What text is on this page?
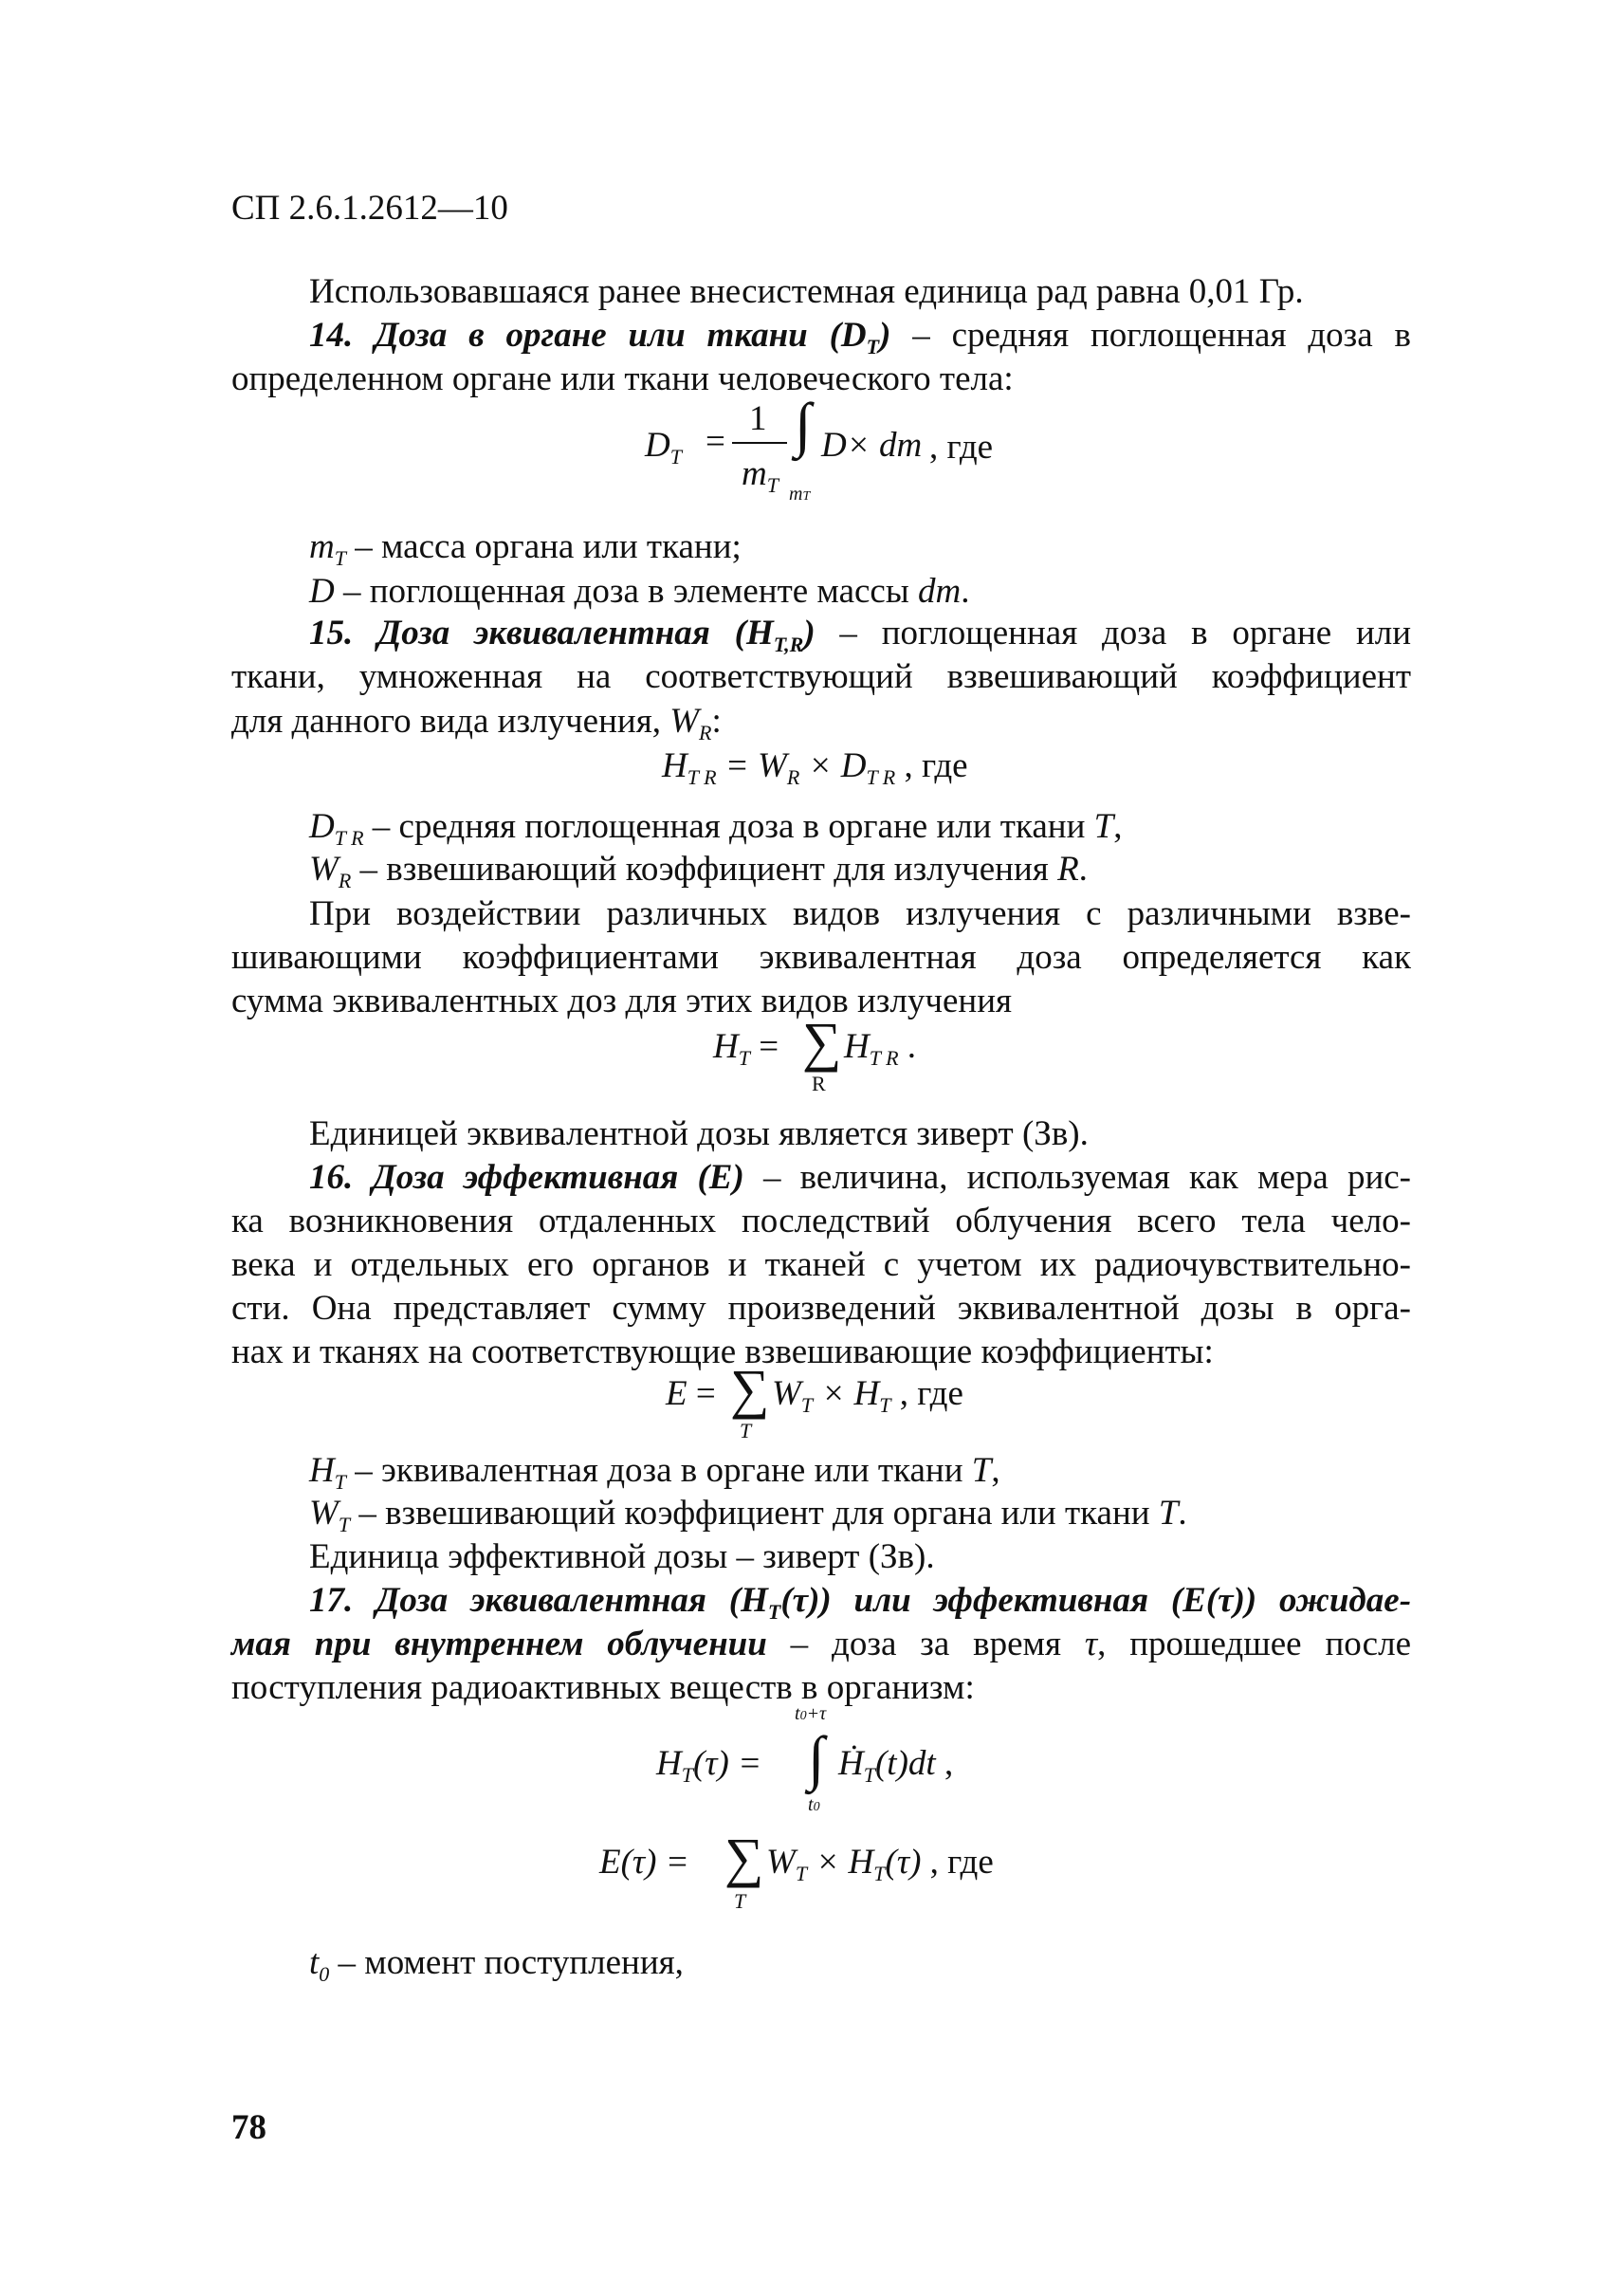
СП 2.6.1.2612—10
Использовавшаяся ранее внесистемная единица рад равна 0,01 Гр.
14. Доза в органе или ткани $(D_T)$ – средняя поглощенная доза в
определенном органе или ткани человеческого тела:
$D_T$ =
1
$m_T$
∫
mT
D× dm , где
$m_T$ – масса органа или ткани;
D – поглощенная доза в элементе массы dm.
15. Доза эквивалентная $(H_{T,R})$ – поглощенная доза в органе или
ткани, умноженная на соответствующий взвешивающий коэффициент
для данного вида излучения, $W_R$:
$H_{T R} = W_R \times D_{T R}$ , где
$D_{T R}$ – средняя поглощенная доза в органе или ткани T,
$W_R$ – взвешивающий коэффициент для излучения R.
При воздействии различных видов излучения с различными взве-
шивающими коэффициентами эквивалентная доза определяется как
сумма эквивалентных доз для этих видов излучения
$H_T$ = ∑
R
$H_{T R}$ .
Единицей эквивалентной дозы является зиверт (Зв).
16. Доза эффективная (E) – величина, используемая как мера рис-
ка возникновения отдаленных последствий облучения всего тела чело-
века и отдельных его органов и тканей с учетом их радиочувствительно-
сти. Она представляет сумму произведений эквивалентной дозы в орга-
нах и тканях на соответствующие взвешивающие коэффициенты:
E = ∑
T
$W_T \times H_T$ , где
$H_T$ – эквивалентная доза в органе или ткани T,
$W_T$ – взвешивающий коэффициент для органа или ткани T.
Единица эффективной дозы – зиверт (Зв).
17. Доза эквивалентная $(H_T(\tau))$ или эффективная (E(τ)) ожидае-
мая при внутреннем облучении – доза за время τ, прошедшее после
поступления радиоактивных веществ в организм:
$H_T(\tau)$ =
t0+τ
∫
t0
Ḣ$_T$(t)dt ,
E(τ) = ∑
T
$W_T \times H_T(\tau)$ , где
$t_0$ – момент поступления,
78
